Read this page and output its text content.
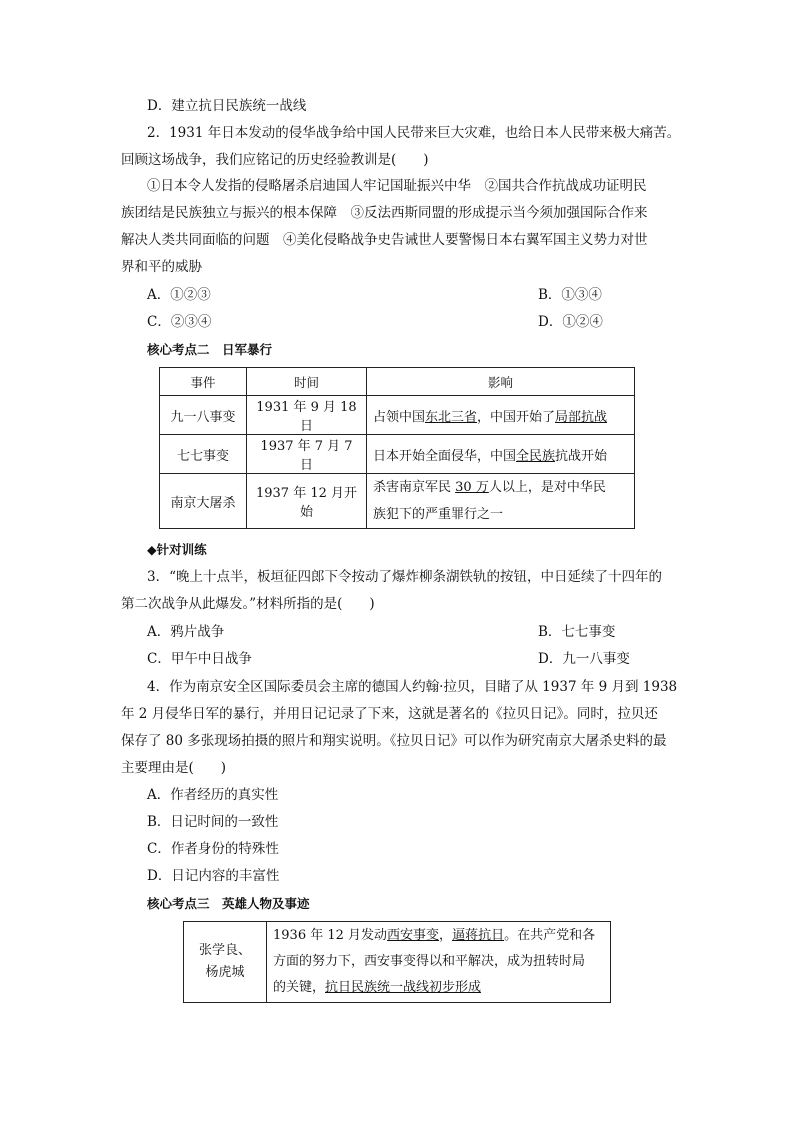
D．建立抗日民族统一战线
2．1931 年日本发动的侵华战争给中国人民带来巨大灾难，也给日本人民带来极大痛苦。
回顾这场战争，我们应铭记的历史经验教训是(　　)
①日本令人发指的侵略屠杀启迪国人牢记国耻振兴中华　②国共合作抗战成功证明民
族团结是民族独立与振兴的根本保障　③反法西斯同盟的形成提示当今须加强国际合作来
解决人类共同面临的问题　④美化侵略战争史告诫世人要警惕日本右翼军国主义势力对世
界和平的威胁
A．①②③	B．①③④
C．②③④	D．①②④
核心考点二　日军暴行
事件	时间	影响
九一八事变	1931 年 9 月 18 日	占领中国东北三省，中国开始了局部抗战
七七事变	1937 年 7 月 7 日	日本开始全面侵华，中国全民族抗战开始
南京大屠杀	1937 年 12 月开始	杀害南京军民 30 万人以上，是对中华民
族犯下的严重罪行之一
◆针对训练
3．“晚上十点半，板垣征四郎下令按动了爆炸柳条湖铁轨的按钮，中日延续了十四年的
第二次战争从此爆发。”材料所指的是(　　)
A．鸦片战争	B．七七事变
C．甲午中日战争	D．九一八事变
4．作为南京安全区国际委员会主席的德国人约翰·拉贝，目睹了从 1937 年 9 月到 1938
年 2 月侵华日军的暴行，并用日记记录了下来，这就是著名的《拉贝日记》。同时，拉贝还
保存了 80 多张现场拍摄的照片和翔实说明。《拉贝日记》可以作为研究南京大屠杀史料的最
主要理由是(　　)
A．作者经历的真实性
B．日记时间的一致性
C．作者身份的特殊性
D．日记内容的丰富性
核心考点三　英雄人物及事迹
张学良、
杨虎城	1936 年 12 月发动西安事变，逼蒋抗日。在共产党和各
方面的努力下，西安事变得以和平解决，成为扭转时局
的关键，抗日民族统一战线初步形成
